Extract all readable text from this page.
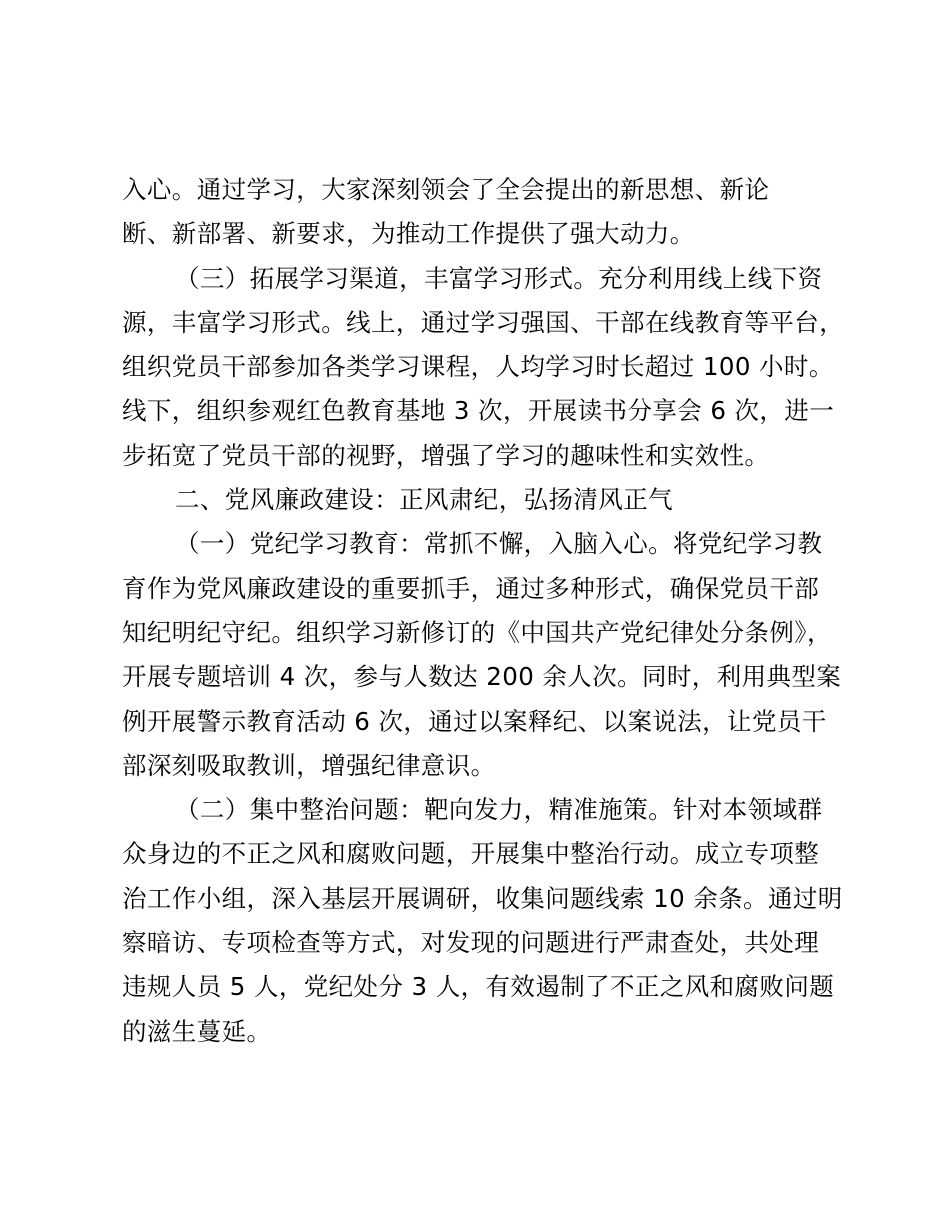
入心。通过学习，大家深刻领会了全会提出的新思想、新论
断、新部署、新要求，为推动工作提供了强大动力。
（三）拓展学习渠道，丰富学习形式。充分利用线上线下资
源，丰富学习形式。线上，通过学习强国、干部在线教育等平台，
组织党员干部参加各类学习课程，人均学习时长超过 100 小时。
线下，组织参观红色教育基地 3 次，开展读书分享会 6 次，进一
步拓宽了党员干部的视野，增强了学习的趣味性和实效性。
二、党风廉政建设：正风肃纪，弘扬清风正气
（一）党纪学习教育：常抓不懈，入脑入心。将党纪学习教
育作为党风廉政建设的重要抓手，通过多种形式，确保党员干部
知纪明纪守纪。组织学习新修订的《中国共产党纪律处分条例》，
开展专题培训 4 次，参与人数达 200 余人次。同时，利用典型案
例开展警示教育活动 6 次，通过以案释纪、以案说法，让党员干
部深刻吸取教训，增强纪律意识。
（二）集中整治问题：靶向发力，精准施策。针对本领域群
众身边的不正之风和腐败问题，开展集中整治行动。成立专项整
治工作小组，深入基层开展调研，收集问题线索 10 余条。通过明
察暗访、专项检查等方式，对发现的问题进行严肃查处，共处理
违规人员 5 人，党纪处分 3 人，有效遏制了不正之风和腐败问题
的滋生蔓延。
